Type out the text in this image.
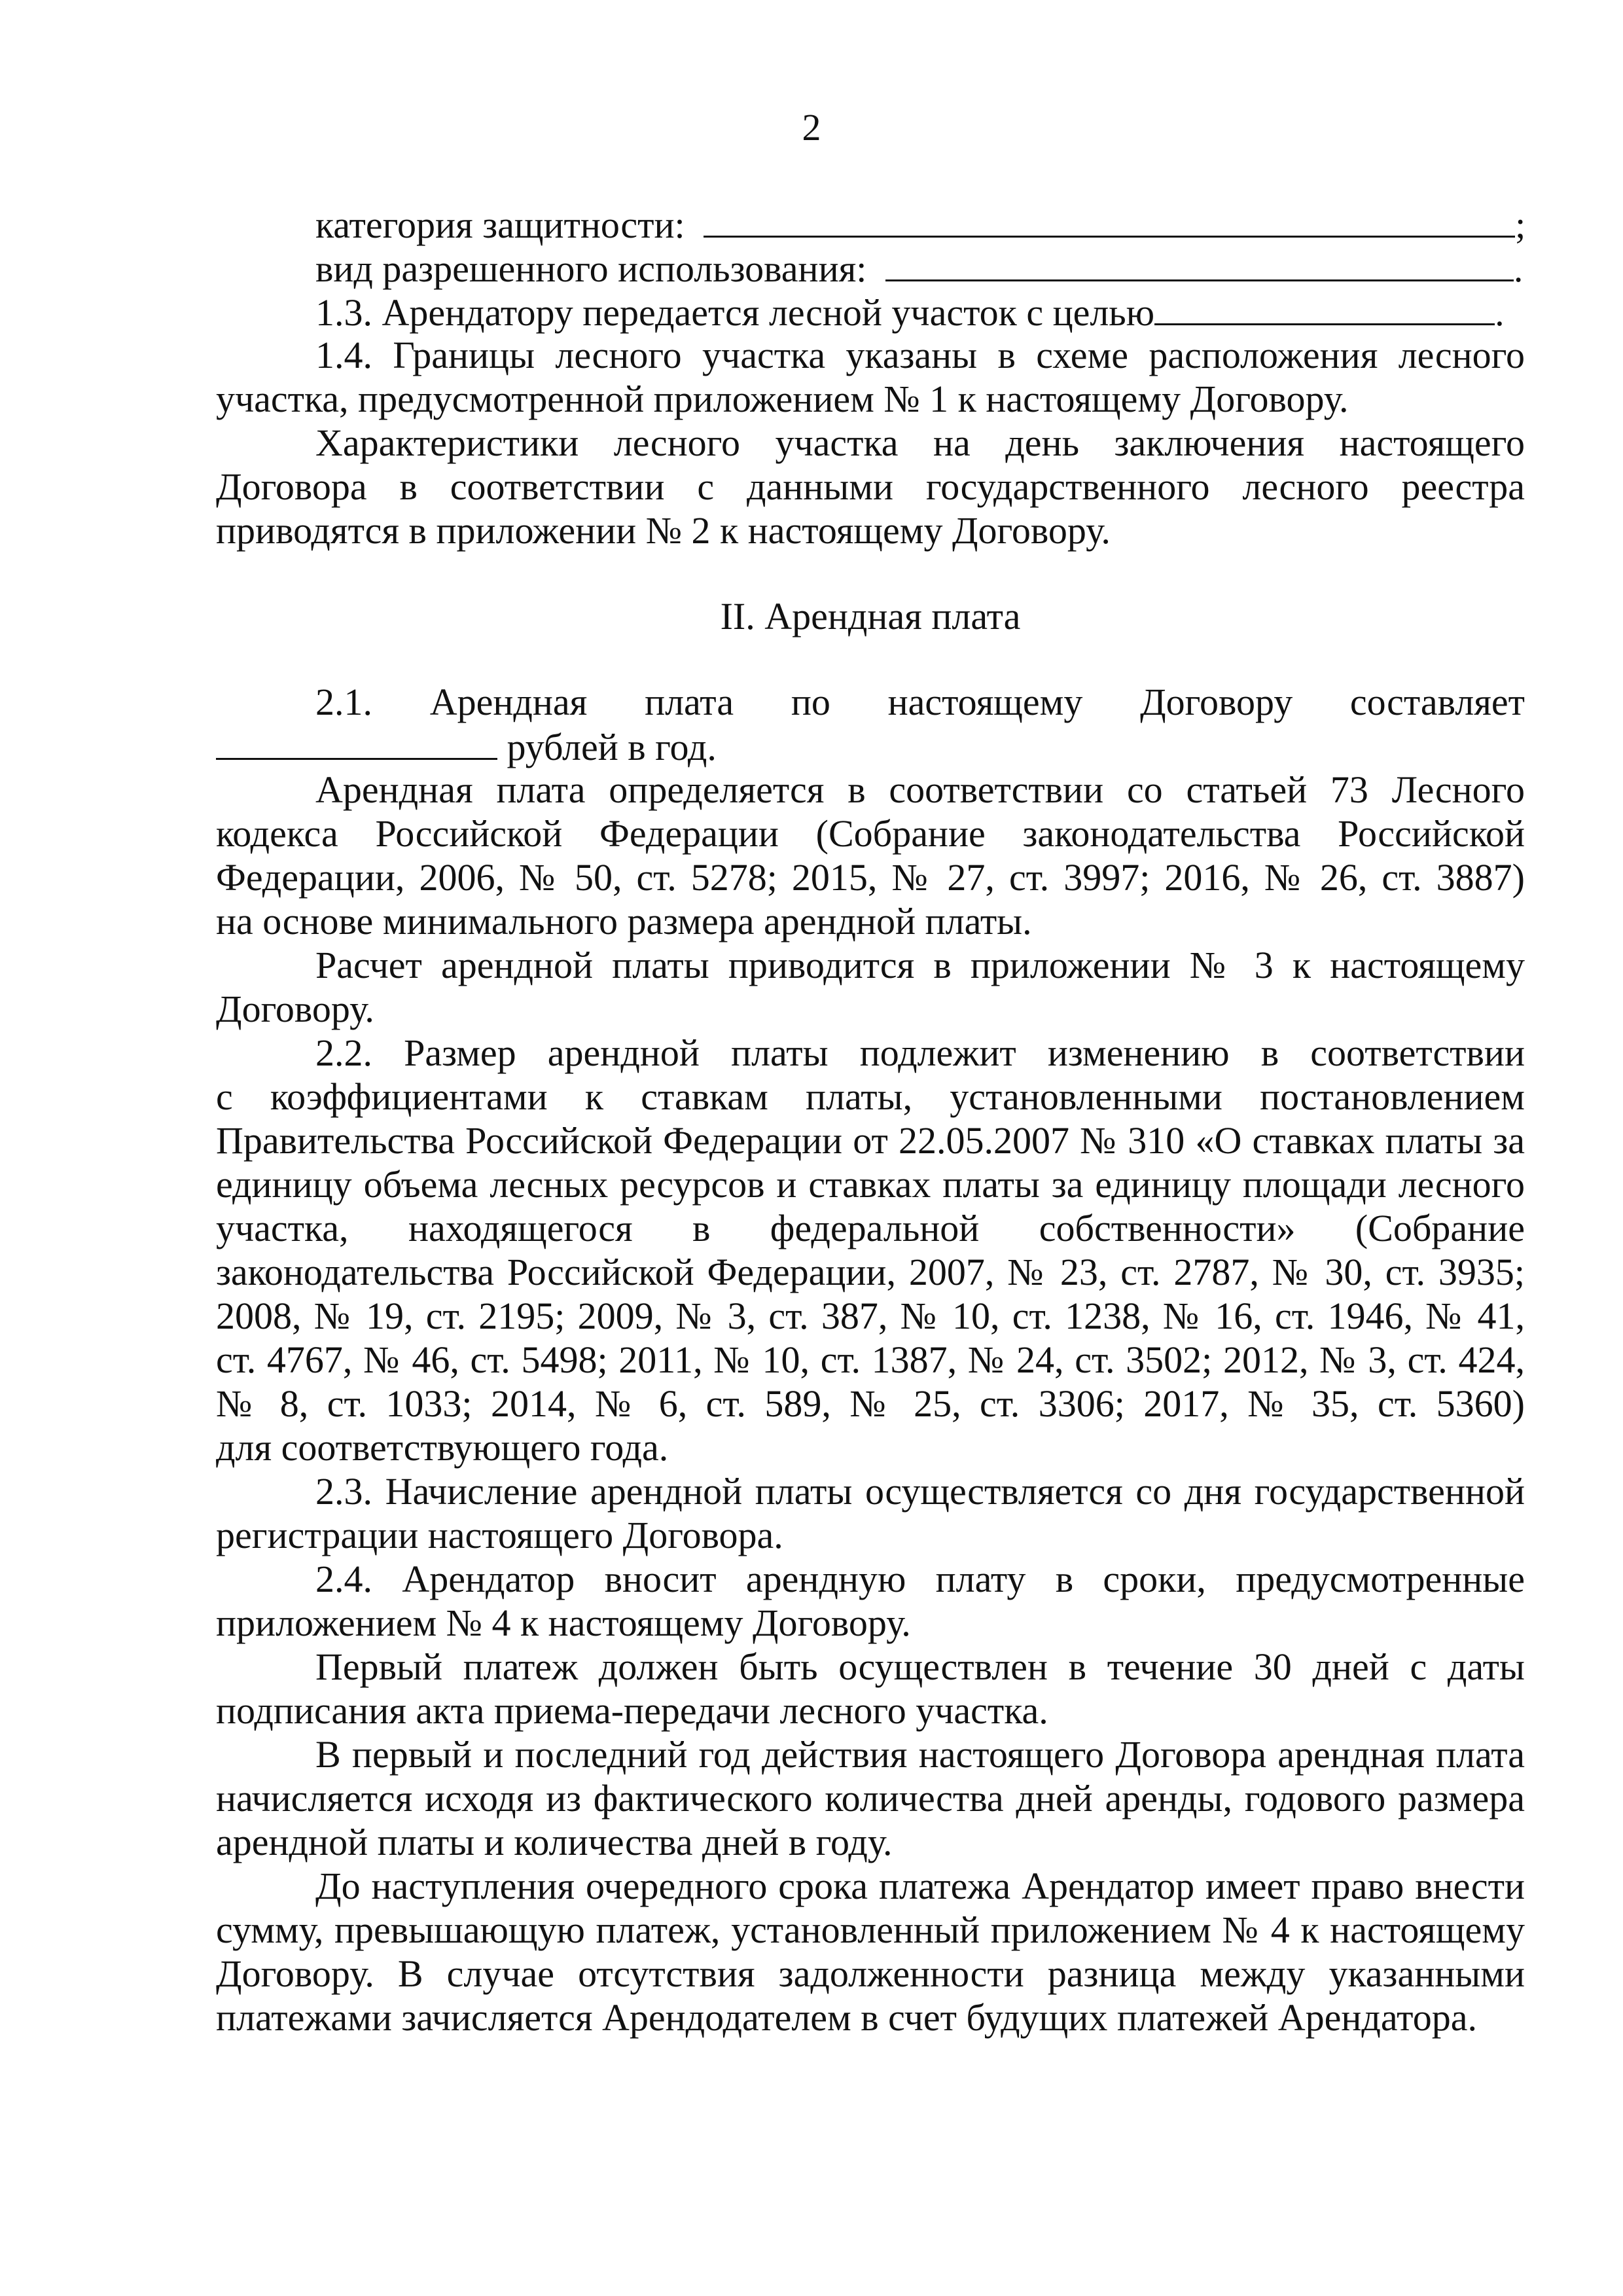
2
категория защитности:	;
вид разрешенного использования:	.
1.3. Арендатору передается лесной участок с целью	.
1.4. Границы лесного участка указаны в схеме расположения лесного
участка, предусмотренной приложением № 1 к настоящему Договору.
Характеристики лесного участка на день заключения настоящего
Договора в соответствии с данными государственного лесного реестра
приводятся в приложении № 2 к настоящему Договору.
II. Арендная плата
2.1. Арендная плата по настоящему Договору составляет
рублей в год.
Арендная плата определяется в соответствии со статьей 73 Лесного
кодекса Российской Федерации (Собрание законодательства Российской
Федерации, 2006, № 50, ст. 5278; 2015, № 27, ст. 3997; 2016, № 26, ст. 3887)
на основе минимального размера арендной платы.
Расчет арендной платы приводится в приложении № 3 к настоящему
Договору.
2.2. Размер арендной платы подлежит изменению в соответствии
с коэффициентами к ставкам платы, установленными постановлением
Правительства Российской Федерации от 22.05.2007 № 310 «О ставках платы за
единицу объема лесных ресурсов и ставках платы за единицу площади лесного
участка, находящегося в федеральной собственности» (Собрание
законодательства Российской Федерации, 2007, № 23, ст. 2787, № 30, ст. 3935;
2008, № 19, ст. 2195; 2009, № 3, ст. 387, № 10, ст. 1238, № 16, ст. 1946, № 41,
ст. 4767, № 46, ст. 5498; 2011, № 10, ст. 1387, № 24, ст. 3502; 2012, № 3, ст. 424,
№ 8, ст. 1033; 2014, № 6, ст. 589, № 25, ст. 3306; 2017, № 35, ст. 5360)
для соответствующего года.
2.3. Начисление арендной платы осуществляется со дня государственной
регистрации настоящего Договора.
2.4. Арендатор вносит арендную плату в сроки, предусмотренные
приложением № 4 к настоящему Договору.
Первый платеж должен быть осуществлен в течение 30 дней с даты
подписания акта приема-передачи лесного участка.
В первый и последний год действия настоящего Договора арендная плата
начисляется исходя из фактического количества дней аренды, годового размера
арендной платы и количества дней в году.
До наступления очередного срока платежа Арендатор имеет право внести
сумму, превышающую платеж, установленный приложением № 4 к настоящему
Договору. В случае отсутствия задолженности разница между указанными
платежами зачисляется Арендодателем в счет будущих платежей Арендатора.
